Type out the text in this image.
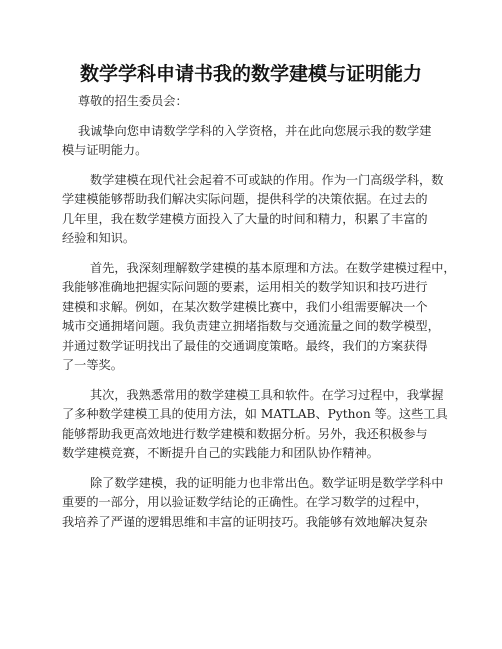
数学学科申请书我的数学建模与证明能力
尊敬的招生委员会：
我诚挚向您申请数学学科的入学资格，并在此向您展示我的数学建
模与证明能力。
数学建模在现代社会起着不可或缺的作用。作为一门高级学科，数
学建模能够帮助我们解决实际问题，提供科学的决策依据。在过去的
几年里，我在数学建模方面投入了大量的时间和精力，积累了丰富的
经验和知识。
首先，我深刻理解数学建模的基本原理和方法。在数学建模过程中，
我能够准确地把握实际问题的要素，运用相关的数学知识和技巧进行
建模和求解。例如，在某次数学建模比赛中，我们小组需要解决一个
城市交通拥堵问题。我负责建立拥堵指数与交通流量之间的数学模型，
并通过数学证明找出了最佳的交通调度策略。最终，我们的方案获得
了一等奖。
其次，我熟悉常用的数学建模工具和软件。在学习过程中，我掌握
了多种数学建模工具的使用方法，如 MATLAB、Python 等。这些工具
能够帮助我更高效地进行数学建模和数据分析。另外，我还积极参与
数学建模竞赛，不断提升自己的实践能力和团队协作精神。
除了数学建模，我的证明能力也非常出色。数学证明是数学学科中
重要的一部分，用以验证数学结论的正确性。在学习数学的过程中，
我培养了严谨的逻辑思维和丰富的证明技巧。我能够有效地解决复杂
